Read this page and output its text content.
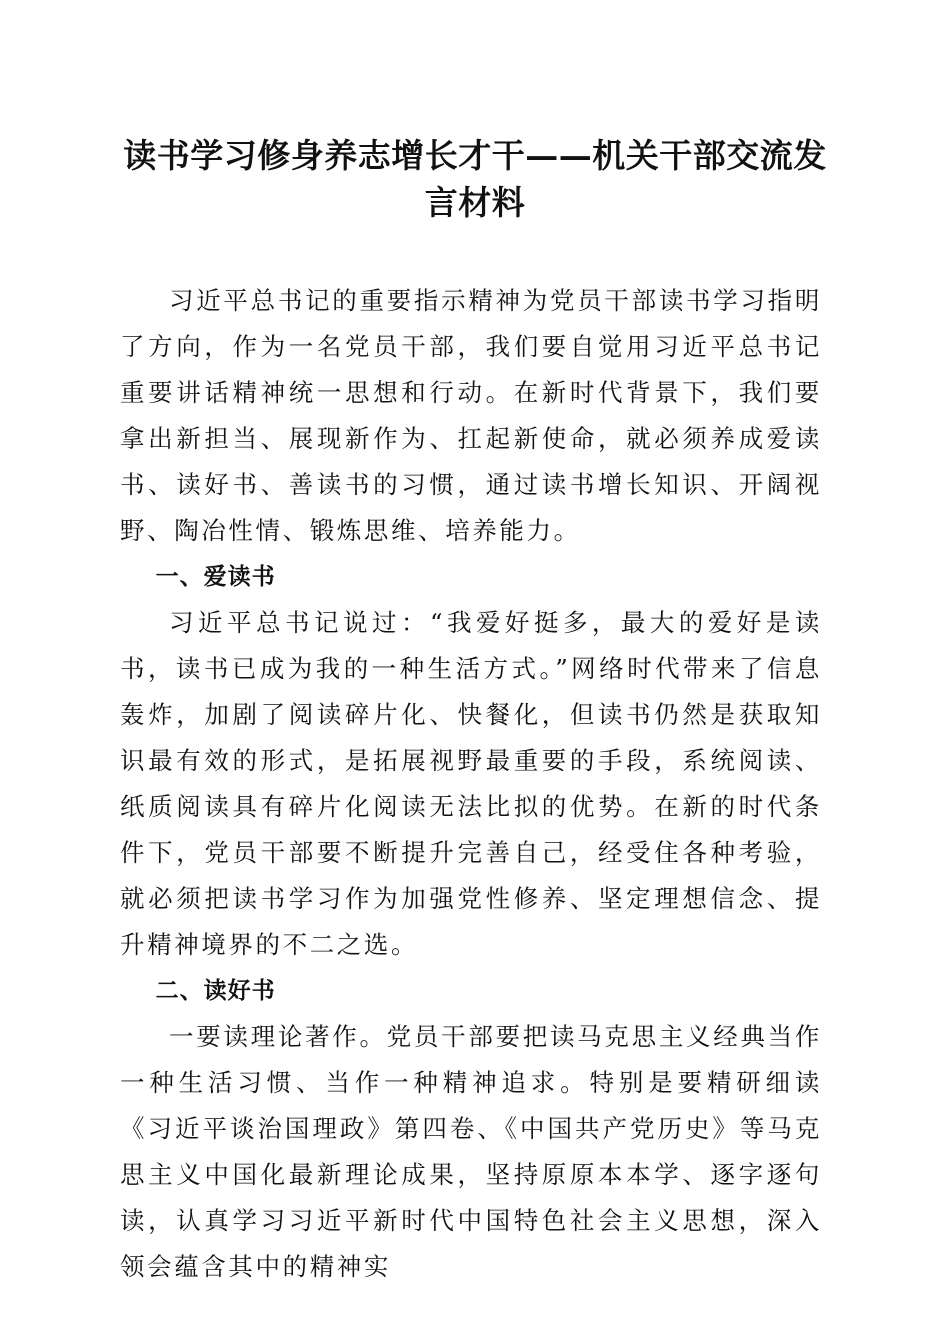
读书学习修身养志增长才干——机关干部交流发言材料

习近平总书记的重要指示精神为党员干部读书学习指明了方向，作为一名党员干部，我们要自觉用习近平总书记重要讲话精神统一思想和行动。在新时代背景下，我们要拿出新担当、展现新作为、扛起新使命，就必须养成爱读书、读好书、善读书的习惯，通过读书增长知识、开阔视野、陶冶性情、锻炼思维、培养能力。

一、爱读书

习近平总书记说过：“我爱好挺多，最大的爱好是读书，读书已成为我的一种生活方式。”网络时代带来了信息轰炸，加剧了阅读碎片化、快餐化，但读书仍然是获取知识最有效的形式，是拓展视野最重要的手段，系统阅读、纸质阅读具有碎片化阅读无法比拟的优势。在新的时代条件下，党员干部要不断提升完善自己，经受住各种考验，就必须把读书学习作为加强党性修养、坚定理想信念、提升精神境界的不二之选。

二、读好书

一要读理论著作。党员干部要把读马克思主义经典当作一种生活习惯、当作一种精神追求。特别是要精研细读《习近平谈治国理政》第四卷、《中国共产党历史》等马克思主义中国化最新理论成果，坚持原原本本学、逐字逐句读，认真学习习近平新时代中国特色社会主义思想，深入领会蕴含其中的精神实
